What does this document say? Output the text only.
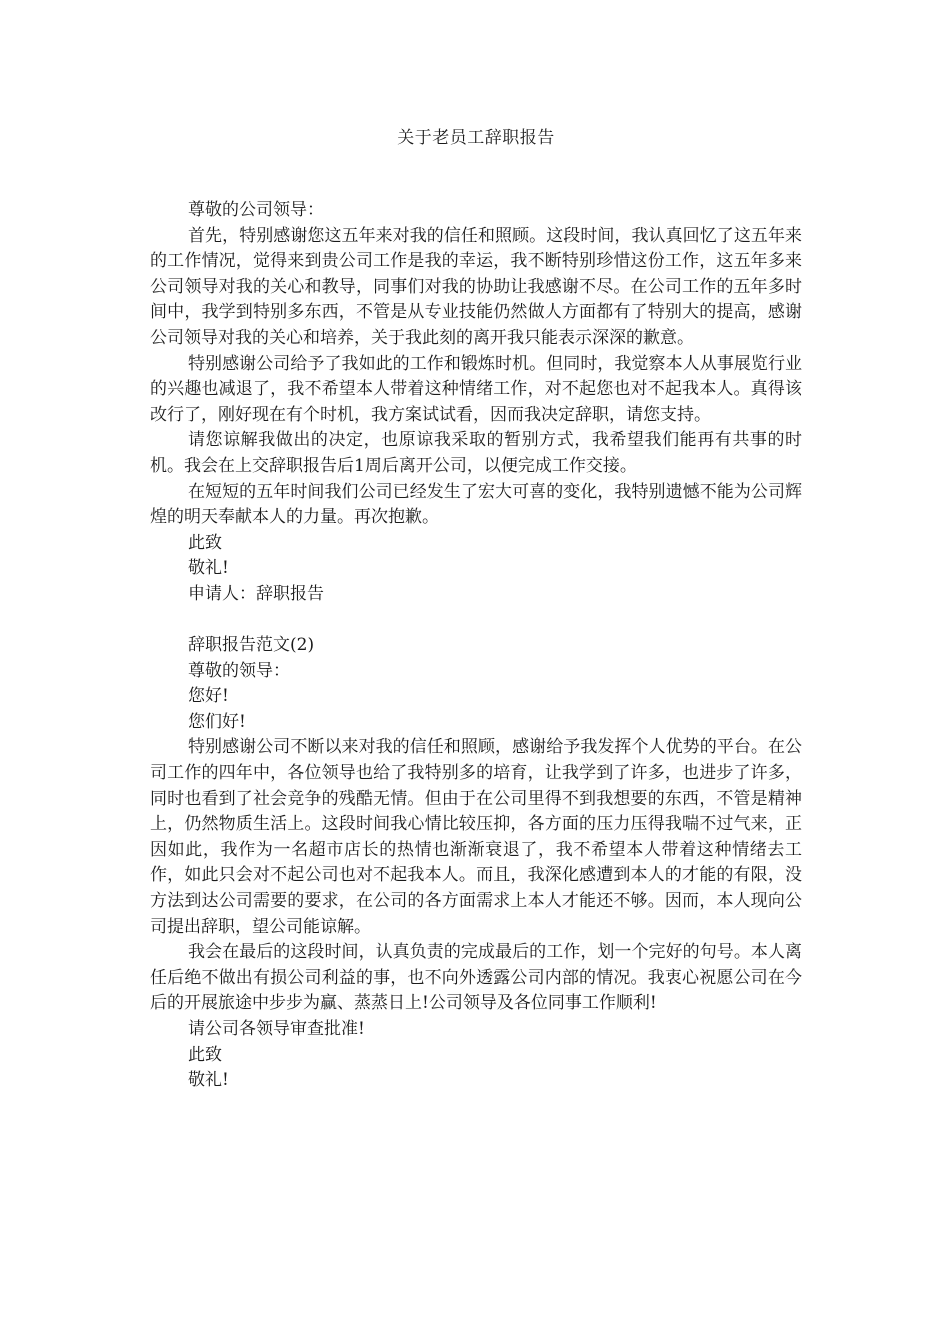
关于老员工辞职报告

尊敬的公司领导：

首先，特别感谢您这五年来对我的信任和照顾。这段时间，我认真回忆了这五年来的工作情况，觉得来到贵公司工作是我的幸运，我不断特别珍惜这份工作，这五年多来公司领导对我的关心和教导，同事们对我的协助让我感谢不尽。在公司工作的五年多时间中，我学到特别多东西，不管是从专业技能仍然做人方面都有了特别大的提高，感谢公司领导对我的关心和培养，关于我此刻的离开我只能表示深深的歉意。

特别感谢公司给予了我如此的工作和锻炼时机。但同时，我觉察本人从事展览行业的兴趣也减退了，我不希望本人带着这种情绪工作，对不起您也对不起我本人。真得该改行了，刚好现在有个时机，我方案试试看，因而我决定辞职，请您支持。

请您谅解我做出的决定，也原谅我采取的暂别方式，我希望我们能再有共事的时机。我会在上交辞职报告后1周后离开公司，以便完成工作交接。

在短短的五年时间我们公司已经发生了宏大可喜的变化，我特别遗憾不能为公司辉煌的明天奉献本人的力量。再次抱歉。

此致

敬礼!

申请人：辞职报告

辞职报告范文(2)

尊敬的领导：

您好!

您们好!

特别感谢公司不断以来对我的信任和照顾，感谢给予我发挥个人优势的平台。在公司工作的四年中，各位领导也给了我特别多的培育，让我学到了许多，也进步了许多，同时也看到了社会竞争的残酷无情。但由于在公司里得不到我想要的东西，不管是精神上，仍然物质生活上。这段时间我心情比较压抑，各方面的压力压得我喘不过气来，正因如此，我作为一名超市店长的热情也渐渐衰退了，我不希望本人带着这种情绪去工作，如此只会对不起公司也对不起我本人。而且，我深化感遭到本人的才能的有限，没方法到达公司需要的要求，在公司的各方面需求上本人才能还不够。因而，本人现向公司提出辞职，望公司能谅解。

我会在最后的这段时间，认真负责的完成最后的工作，划一个完好的句号。本人离任后绝不做出有损公司利益的事，也不向外透露公司内部的情况。我衷心祝愿公司在今后的开展旅途中步步为赢、蒸蒸日上!公司领导及各位同事工作顺利!

请公司各领导审查批准!

此致

敬礼!
